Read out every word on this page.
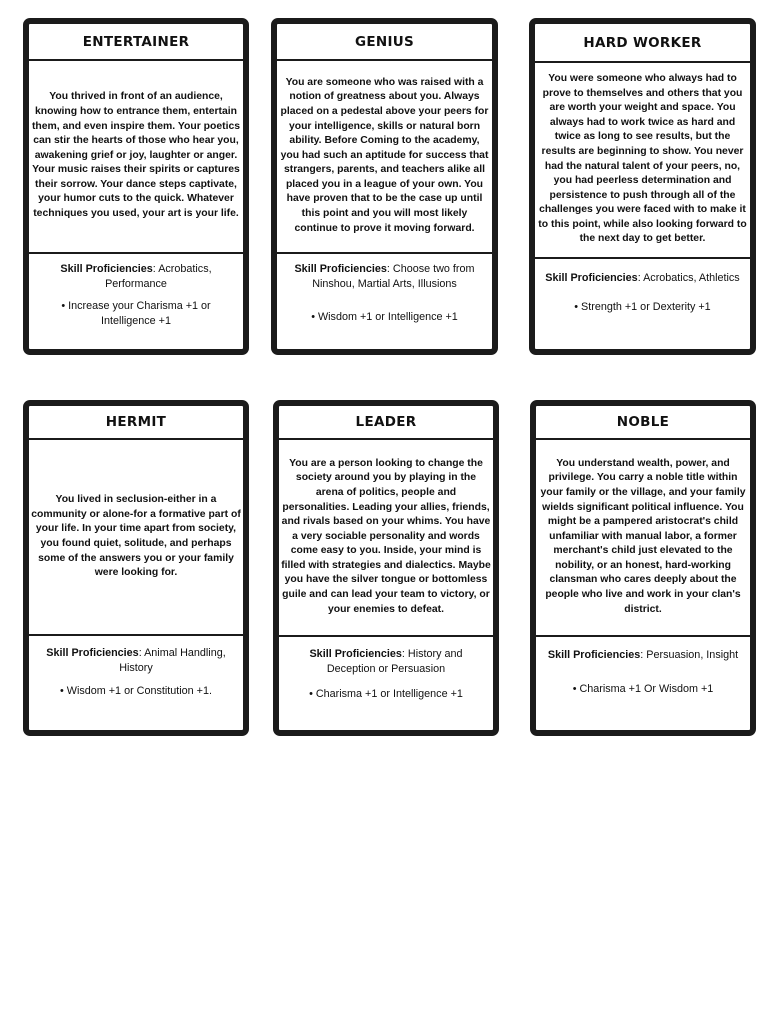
ENTERTAINER

You thrived in front of an audience, knowing how to entrance them, entertain them, and even inspire them. Your poetics can stir the hearts of those who hear you, awakening grief or joy, laughter or anger. Your music raises their spirits or captures their sorrow. Your dance steps captivate, your humor cuts to the quick. Whatever techniques you used, your art is your life.

Skill Proficiencies: Acrobatics, Performance
• Increase your Charisma +1 or Intelligence +1
GENIUS

You are someone who was raised with a notion of greatness about you. Always placed on a pedestal above your peers for your intelligence, skills or natural born ability. Before Coming to the academy, you had such an aptitude for success that strangers, parents, and teachers alike all placed you in a league of your own. You have proven that to be the case up until this point and you will most likely continue to prove it moving forward.

Skill Proficiencies: Choose two from Ninshou, Martial Arts, Illusions
• Wisdom +1 or Intelligence +1
HARD WORKER

You were someone who always had to prove to themselves and others that you are worth your weight and space. You always had to work twice as hard and twice as long to see results, but the results are beginning to show. You never had the natural talent of your peers, no, you had peerless determination and persistence to push through all of the challenges you were faced with to make it to this point, while also looking forward to the next day to get better.

Skill Proficiencies: Acrobatics, Athletics
• Strength +1 or Dexterity +1
HERMIT

You lived in seclusion-either in a community or alone-for a formative part of your life. In your time apart from society, you found quiet, solitude, and perhaps some of the answers you or your family were looking for.

Skill Proficiencies: Animal Handling, History
• Wisdom +1 or Constitution +1.
LEADER

You are a person looking to change the society around you by playing in the arena of politics, people and personalities. Leading your allies, friends, and rivals based on your whims. You have a very sociable personality and words come easy to you. Inside, your mind is filled with strategies and dialectics. Maybe you have the silver tongue or bottomless guile and can lead your team to victory, or your enemies to defeat.

Skill Proficiencies: History and Deception or Persuasion
• Charisma +1 or Intelligence +1
NOBLE

You understand wealth, power, and privilege. You carry a noble title within your family or the village, and your family wields significant political influence. You might be a pampered aristocrat's child unfamiliar with manual labor, a former merchant's child just elevated to the nobility, or an honest, hard-working clansman who cares deeply about the people who live and work in your clan's district.

Skill Proficiencies: Persuasion, Insight
• Charisma +1 Or Wisdom +1
